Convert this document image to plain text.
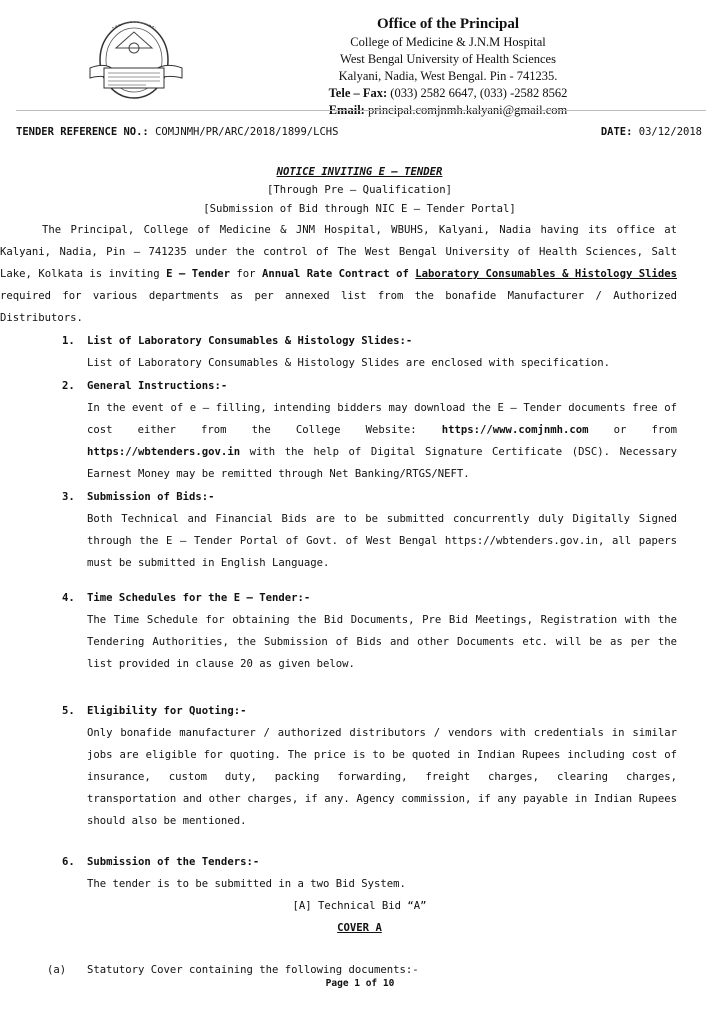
Office of the Principal
College of Medicine & J.N.M Hospital
West Bengal University of Health Sciences
Kalyani, Nadia, West Bengal. Pin - 741235.
Tele – Fax: (033) 2582 6647, (033) -2582 8562
Email: principal.comjnmh.kalyani@gmail.com
TENDER REFERENCE NO.: COMJNMH/PR/ARC/2018/1899/LCHS	DATE: 03/12/2018
NOTICE INVITING E – TENDER
[Through Pre – Qualification]
[Submission of Bid through NIC E – Tender Portal]

The Principal, College of Medicine & JNM Hospital, WBUHS, Kalyani, Nadia having its office at Kalyani, Nadia, Pin – 741235 under the control of The West Bengal University of Health Sciences, Salt Lake, Kolkata is inviting E – Tender for Annual Rate Contract of Laboratory Consumables & Histology Slides required for various departments as per annexed list from the bonafide Manufacturer / Authorized Distributors.

1. List of Laboratory Consumables & Histology Slides:-
List of Laboratory Consumables & Histology Slides are enclosed with specification.
2. General Instructions:-
In the event of e – filling, intending bidders may download the E – Tender documents free of cost either from the College Website: https://www.comjnmh.com or from https://wbtenders.gov.in with the help of Digital Signature Certificate (DSC). Necessary Earnest Money may be remitted through Net Banking/RTGS/NEFT.
3. Submission of Bids:-
Both Technical and Financial Bids are to be submitted concurrently duly Digitally Signed through the E – Tender Portal of Govt. of West Bengal https://wbtenders.gov.in, all papers must be submitted in English Language.
4. Time Schedules for the E – Tender:-
The Time Schedule for obtaining the Bid Documents, Pre Bid Meetings, Registration with the Tendering Authorities, the Submission of Bids and other Documents etc. will be as per the list provided in clause 20 as given below.
5. Eligibility for Quoting:-
Only bonafide manufacturer / authorized distributors / vendors with credentials in similar jobs are eligible for quoting. The price is to be quoted in Indian Rupees including cost of insurance, custom duty, packing forwarding, freight charges, clearing charges, transportation and other charges, if any. Agency commission, if any payable in Indian Rupees should also be mentioned.
6. Submission of the Tenders:-
The tender is to be submitted in a two Bid System.
[A] Technical Bid “A”
COVER A
(a) Statutory Cover containing the following documents:-
Page 1 of 10
